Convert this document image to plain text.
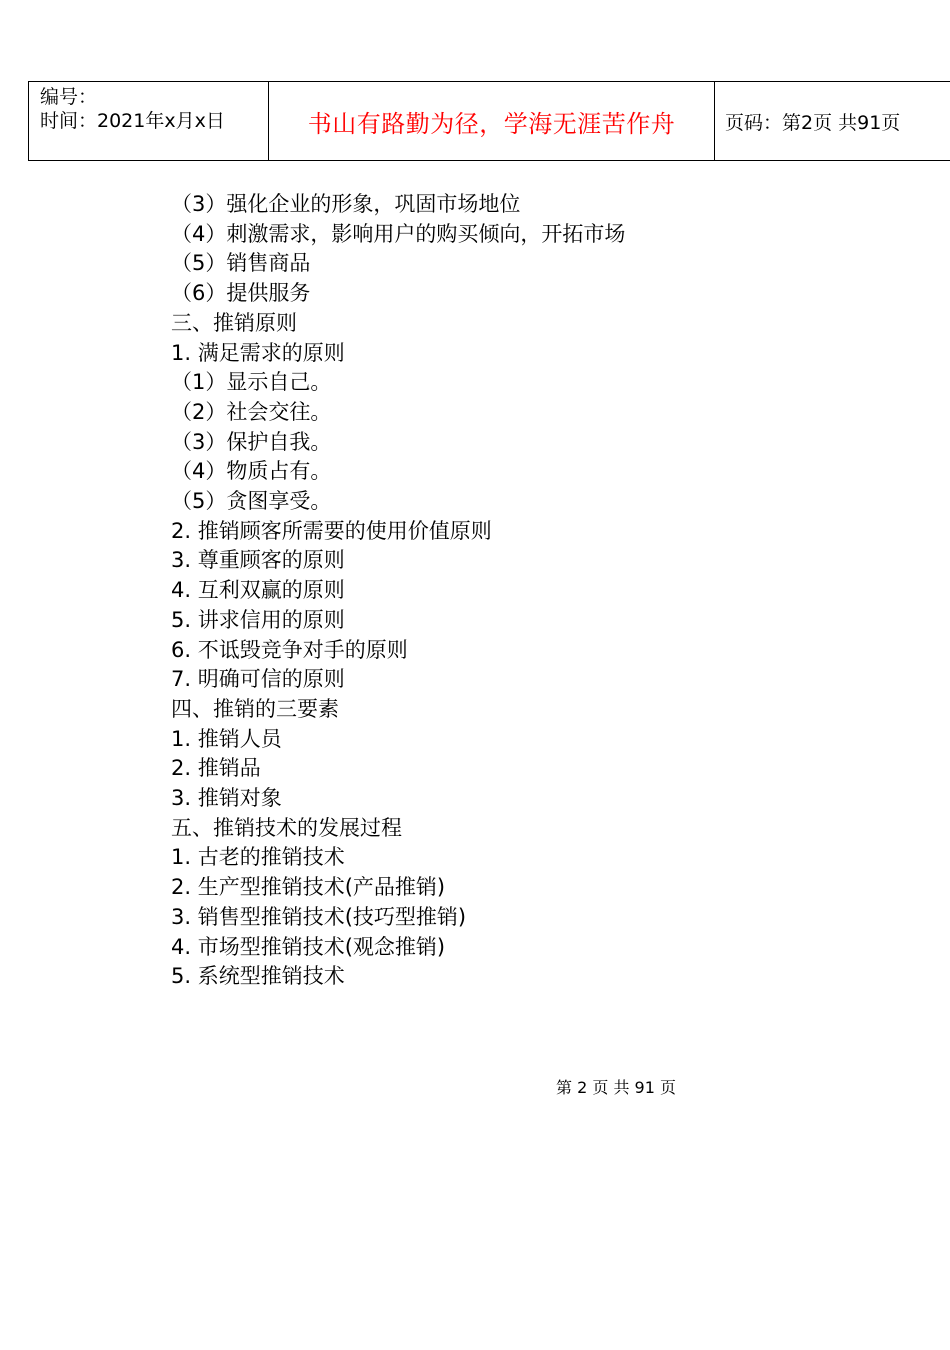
编号：
时间：2021年x月x日	书山有路勤为径，学海无涯苦作舟	页码：第2页 共91页
（3）强化企业的形象，巩固市场地位
（4）刺激需求，影响用户的购买倾向，开拓市场
（5）销售商品
（6）提供服务
三、推销原则
1. 满足需求的原则
（1）显示自己。
（2）社会交往。
（3）保护自我。
（4）物质占有。
（5）贪图享受。
2. 推销顾客所需要的使用价值原则
3. 尊重顾客的原则
4. 互利双赢的原则
5. 讲求信用的原则
6. 不诋毁竞争对手的原则
7. 明确可信的原则
四、推销的三要素
1. 推销人员
2. 推销品
3. 推销对象
五、推销技术的发展过程
1. 古老的推销技术
2. 生产型推销技术(产品推销)
3. 销售型推销技术(技巧型推销)
4. 市场型推销技术(观念推销)
5. 系统型推销技术
第 2 页 共 91 页
